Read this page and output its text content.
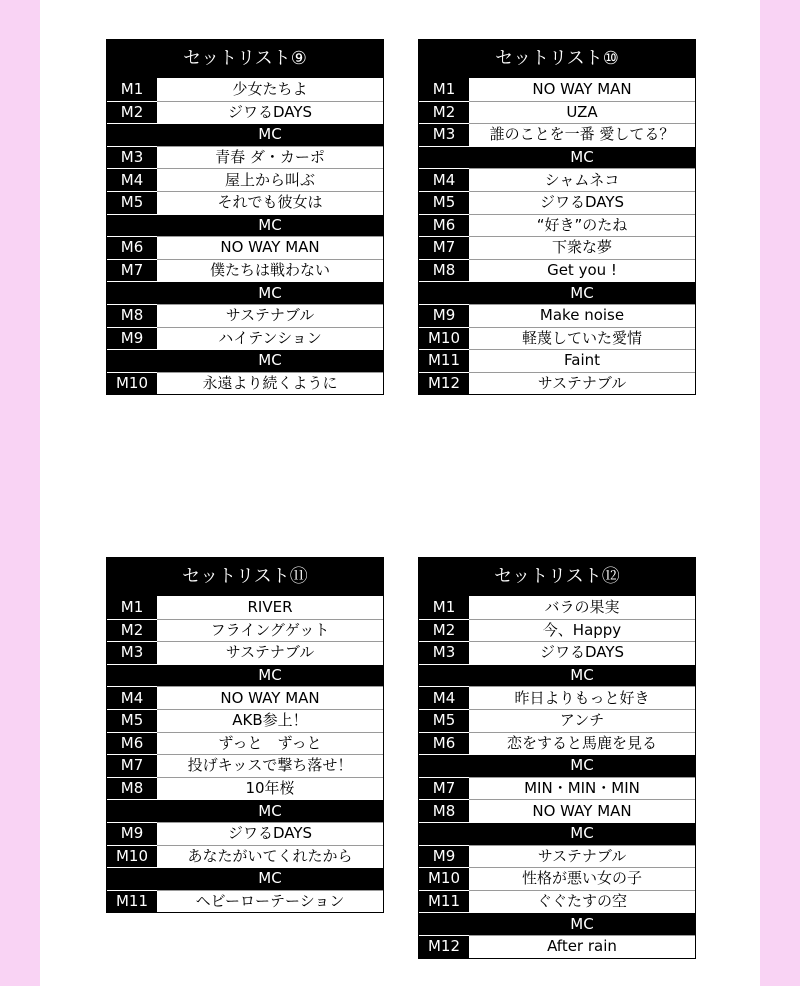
セットリスト⑨
M1	少女たちよ
M2	ジワるDAYS
MC
M3	青春 ダ・カーポ
M4	屋上から叫ぶ
M5	それでも彼女は
MC
M6	NO WAY MAN
M7	僕たちは戦わない
MC
M8	サステナブル
M9	ハイテンション
MC
M10	永遠より続くように
セットリスト⑩
M1	NO WAY MAN
M2	UZA
M3	誰のことを一番 愛してる？
MC
M4	シャムネコ
M5	ジワるDAYS
M6	“好き”のたね
M7	下衆な夢
M8	Get you !
MC
M9	Make noise
M10	軽蔑していた愛情
M11	Faint
M12	サステナブル
セットリスト⑪
M1	RIVER
M2	フライングゲット
M3	サステナブル
MC
M4	NO WAY MAN
M5	AKB参上！
M6	ずっと　ずっと
M7	投げキッスで撃ち落せ！
M8	10年桜
MC
M9	ジワるDAYS
M10	あなたがいてくれたから
MC
M11	ヘビーローテーション
セットリスト⑫
M1	バラの果実
M2	今、Happy
M3	ジワるDAYS
MC
M4	昨日よりもっと好き
M5	アンチ
M6	恋をすると馬鹿を見る
MC
M7	MIN・MIN・MIN
M8	NO WAY MAN
MC
M9	サステナブル
M10	性格が悪い女の子
M11	ぐぐたすの空
MC
M12	After rain
